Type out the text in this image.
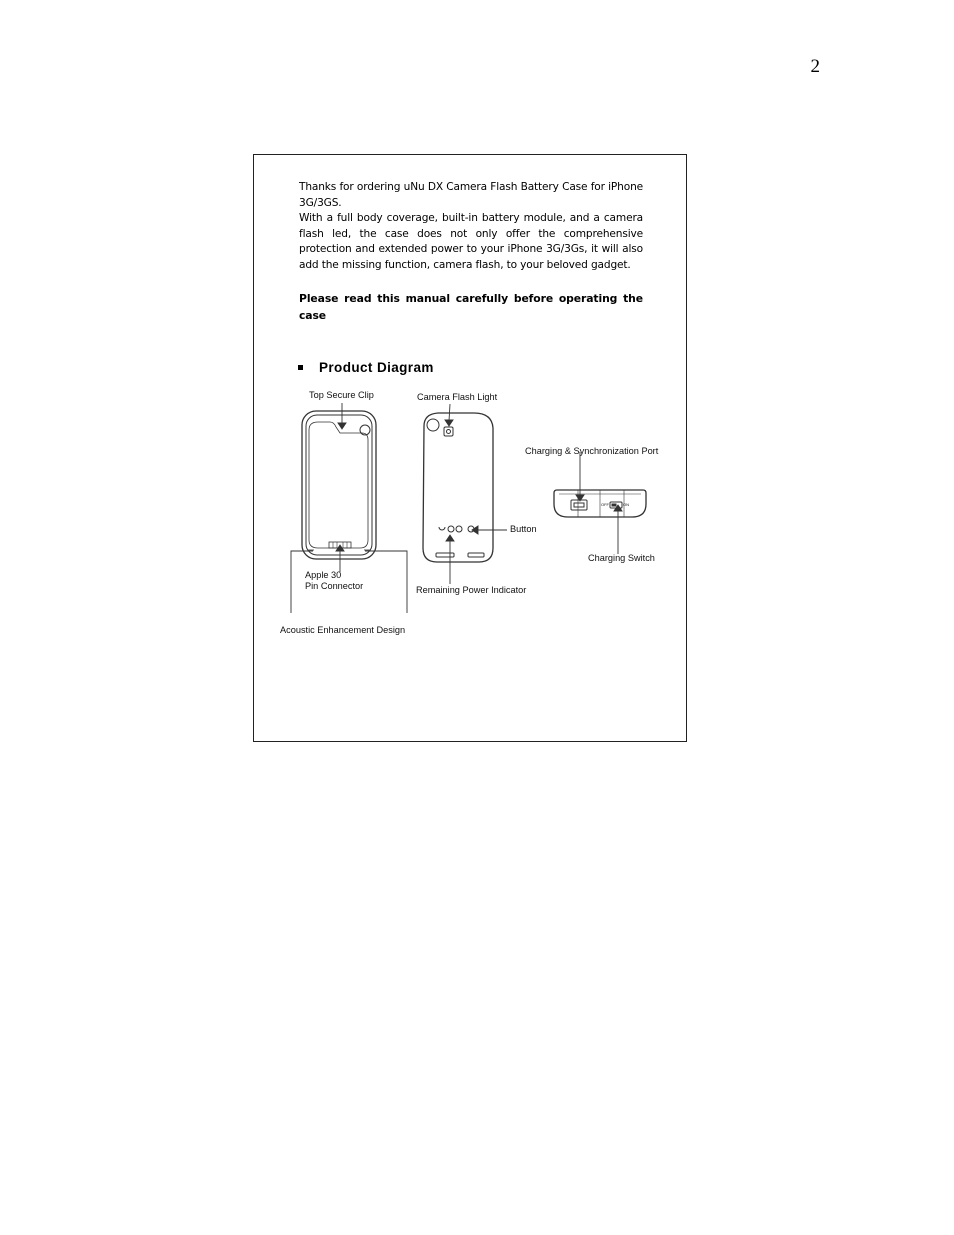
2

Thanks for ordering uNu DX Camera Flash Battery Case for iPhone 3G/3GS.

With a full body coverage, built-in battery module, and a camera flash led, the case does not only offer the comprehensive protection and extended power to your iPhone 3G/3Gs, it will also add the missing function, camera flash, to your beloved gadget.

Please read this manual carefully before operating the case

Product Diagram
Top Secure Clip	Camera Flash Light
Charging & Synchronization Port
Button
Charging Switch
Apple 30
Pin Connector	Remaining Power Indicator
Acoustic Enhancement Design
OFF	ON
